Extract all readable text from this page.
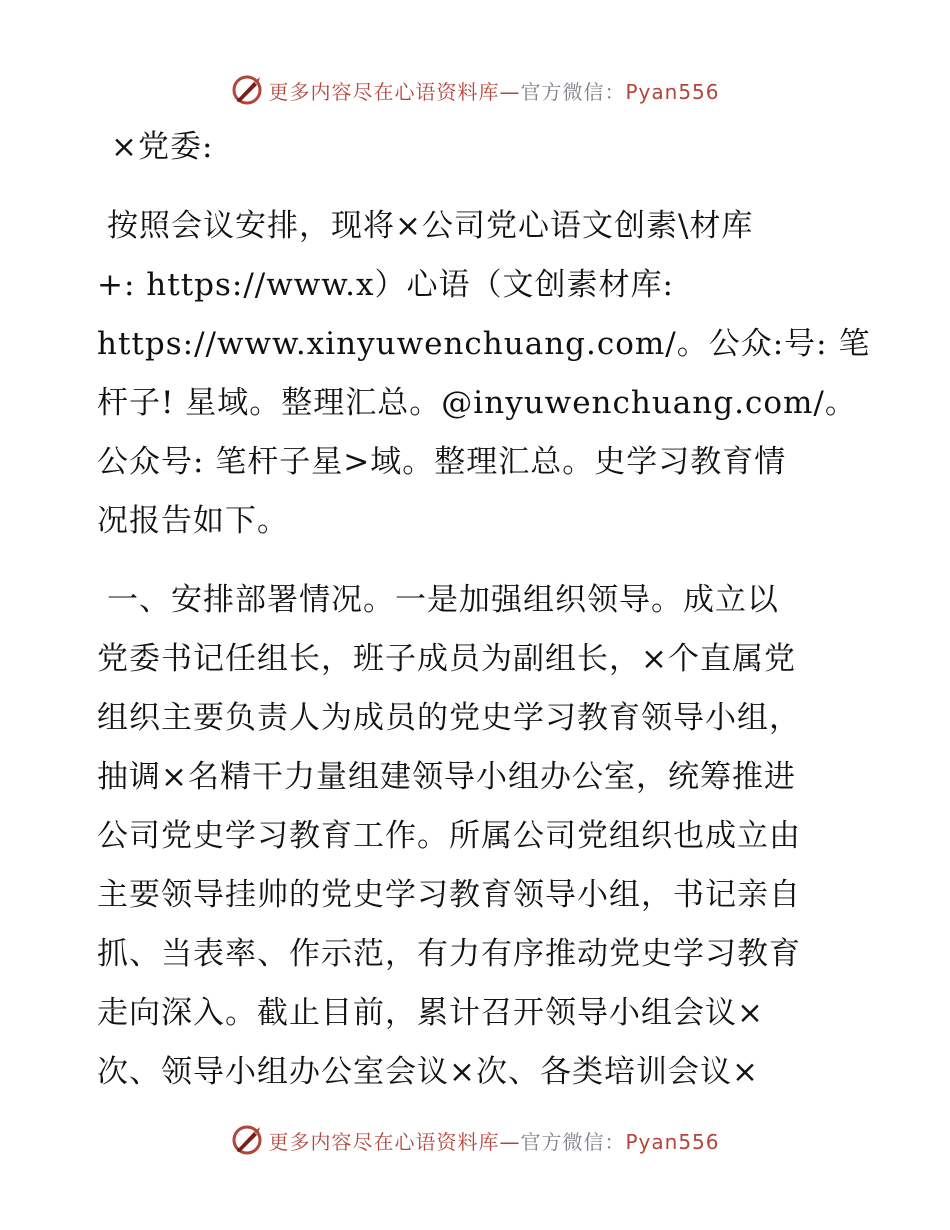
更多内容尽在心语资料库—官方微信：Pyan556
×党委:
按照会议安排，现将×公司党心语文创素\材库
+: https://www.x）心语（文创素材库:
https://www.xinyuwenchuang.com/。公众:号: 笔
杆子! 星域。整理汇总。@inyuwenchuang.com/。
公众号: 笔杆子星>域。整理汇总。史学习教育情
况报告如下。
一、安排部署情况。一是加强组织领导。成立以
党委书记任组长，班子成员为副组长，×个直属党
组织主要负责人为成员的党史学习教育领导小组，
抽调×名精干力量组建领导小组办公室，统筹推进
公司党史学习教育工作。所属公司党组织也成立由
主要领导挂帅的党史学习教育领导小组，书记亲自
抓、当表率、作示范，有力有序推动党史学习教育
走向深入。截止目前，累计召开领导小组会议×
次、领导小组办公室会议×次、各类培训会议×
更多内容尽在心语资料库—官方微信：Pyan556
